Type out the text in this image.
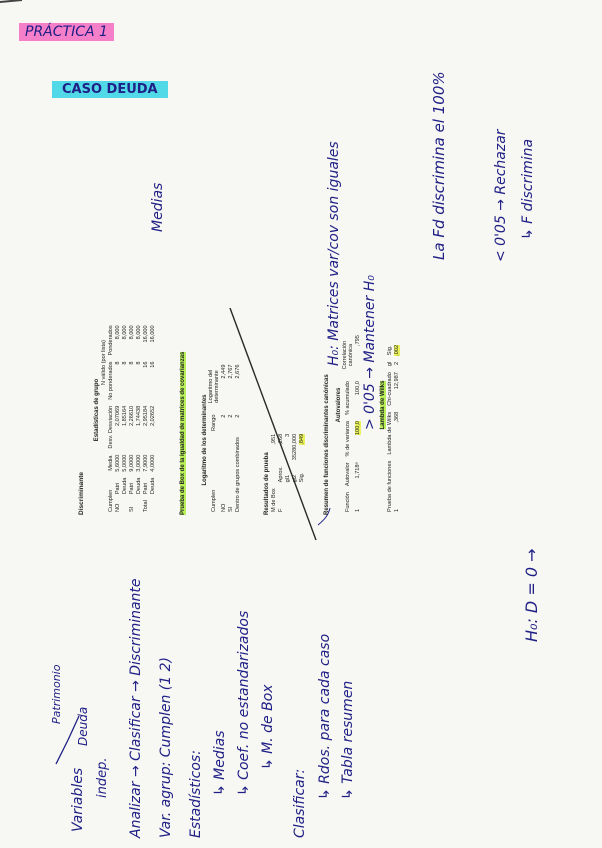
PRÁCTICA 1
CASO DEUDA
Discriminante
Estadísticas de grupo
				N válido (por lista)	
Cumplen		Media	Desv. Desviación	No ponderados	Ponderados
NO	Patri	5,6000	2,07069	8	8,000
	Deuda	5,0000	1,85164	8	8,000
SI	Patri	9,0000	2,26610	8	8,000
	Deuda	3,0000	1,74438	8	8,000
Total	Patri	7,9000	2,95184	16	16,000
	Deuda	4,0000	2,02652	16	16,000
Prueba de Box de la igualdad de matrices de covarianzas	Logaritmo de los determinantes
Cumplen	Rango	Logaritmo del determinante
NO	2	2,449
SI	2	2,767
Dentro de grupos combinados	2	2,676
Resultados de prueba M de Box		,951
F	Aprox.	,268
	gl1	3
	gl2	35280,000
	Sig.	,849	Resumen de funciones discriminantes canónicas Autovalores
Función	Autovalor	% de varianza	% acumulado	Correlación canónica
1	1,718ᵃ	100,0	100,0	,795
Lambda de Wilks
Prueba de funciones	Lambda de Wilks	Chi-cuadrado	gl	Sig.
1	,368	12,987	2	,002
Variables indep.
Patrimonio
Deuda	Analizar → Clasificar → Discriminante Var. agrup: Cumplen (1 2) Estadísticos: ↳ Medias ↳ Coef. no estandarizados ↳ M. de Box
Clasificar:
↳ Rdos. para cada caso ↳ Tabla resumen
H₀: D = 0 →
H₀: Matrices var/cov son iguales > 0'05 → Mantener H₀
La Fd discrimina el 100%	< 0'05 → Rechazar ↳ F discrimina
Medias
